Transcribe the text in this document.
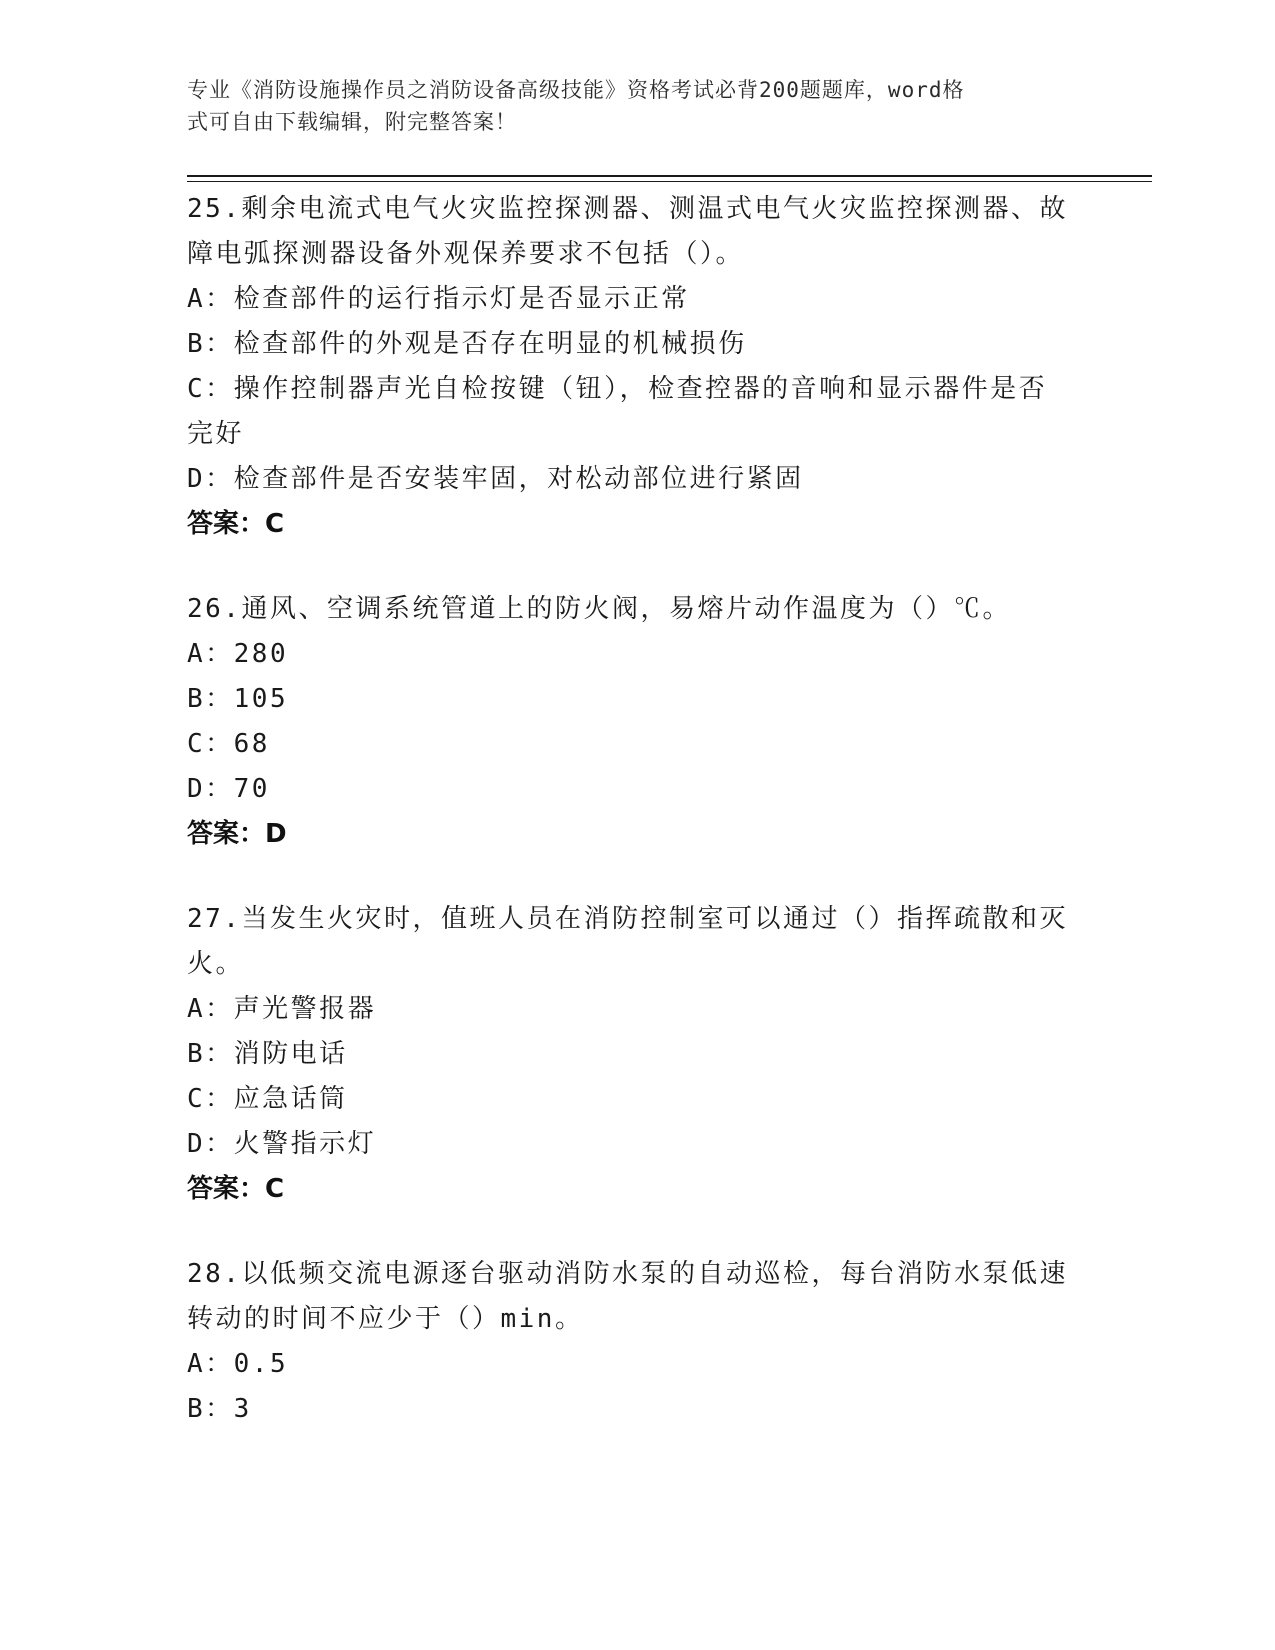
专业《消防设施操作员之消防设备高级技能》资格考试必背200题题库，word格
式可自由下载编辑，附完整答案！
25.剩余电流式电气火灾监控探测器、测温式电气火灾监控探测器、故
障电弧探测器设备外观保养要求不包括（）。
A：检查部件的运行指示灯是否显示正常
B：检查部件的外观是否存在明显的机械损伤
C：操作控制器声光自检按键（钮），检查控器的音响和显示器件是否
完好
D：检查部件是否安装牢固，对松动部位进行紧固
答案：C
26.通风、空调系统管道上的防火阀，易熔片动作温度为（）℃。
A：280
B：105
C：68
D：70
答案：D
27.当发生火灾时，值班人员在消防控制室可以通过（）指挥疏散和灭
火。
A：声光警报器
B：消防电话
C：应急话筒
D：火警指示灯
答案：C
28.以低频交流电源逐台驱动消防水泵的自动巡检，每台消防水泵低速
转动的时间不应少于（）min。
A：0.5
B：3
